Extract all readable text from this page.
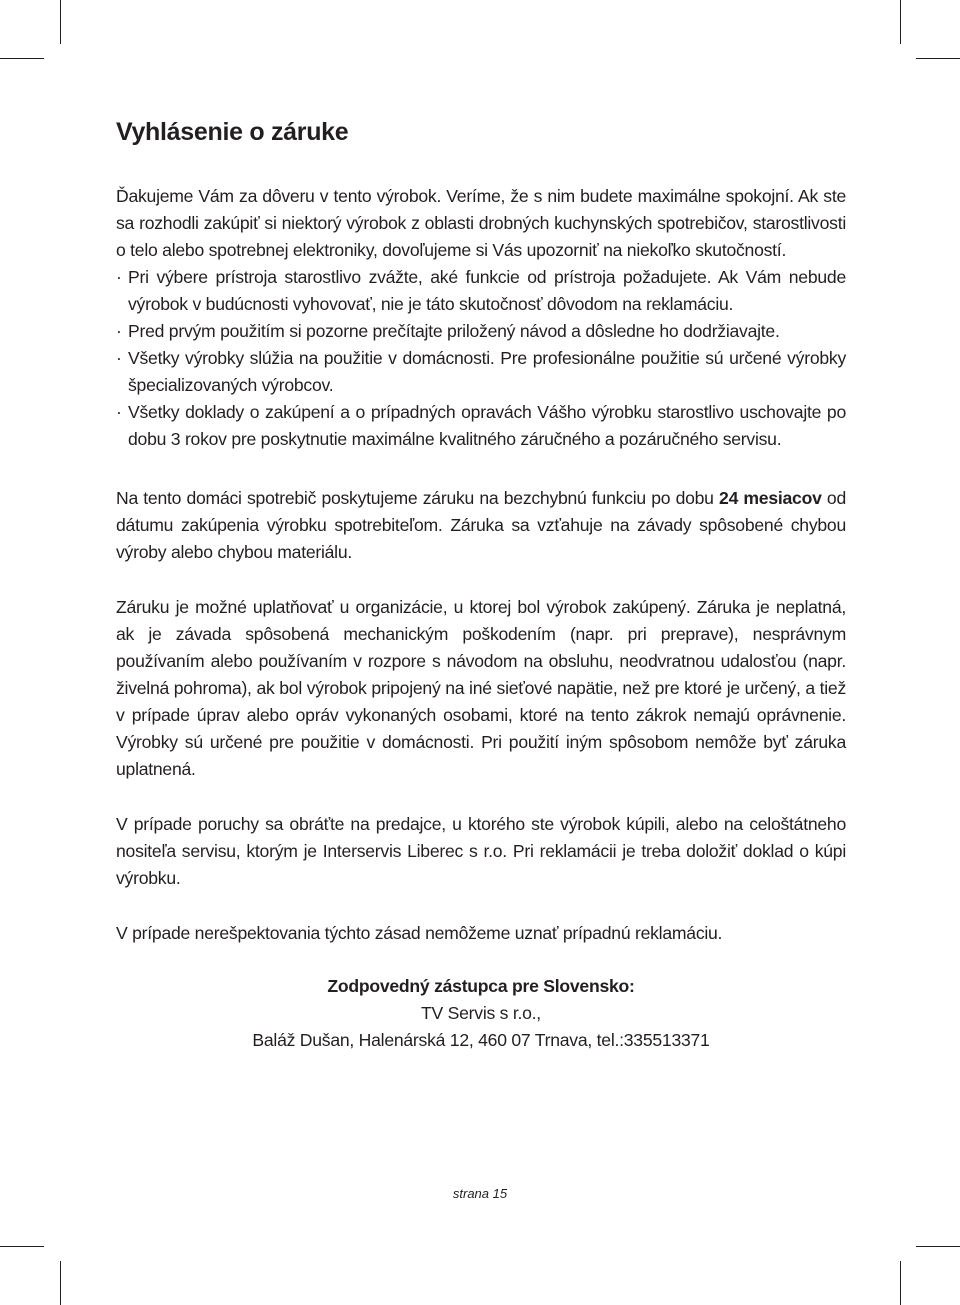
Vyhlásenie o záruke

Ďakujeme Vám za dôveru v tento výrobok. Veríme, že s nim budete maximálne spokojní. Ak ste sa rozhodli zakúpiť si niektorý výrobok z oblasti drobných kuchynských spotrebičov, starostlivosti o telo alebo spotrebnej elektroniky, dovoľujeme si Vás upozorniť na niekoľko skutočností.

· Pri výbere prístroja starostlivo zvážte, aké funkcie od prístroja požadujete. Ak Vám nebude výrobok v budúcnosti vyhovovať, nie je táto skutočnosť dôvodom na reklamáciu.
· Pred prvým použitím si pozorne prečítajte priložený návod a dôsledne ho dodržiavajte.
· Všetky výrobky slúžia na použitie v domácnosti. Pre profesionálne použitie sú určené výrobky špecializovaných výrobcov.
· Všetky doklady o zakúpení a o prípadných opravách Vášho výrobku starostlivo uschovajte po dobu 3 rokov pre poskytnutie maximálne kvalitného záručného a pozáručného servisu.

Na tento domáci spotrebič poskytujeme záruku na bezchybnú funkciu po dobu 24 mesiacov od dátumu zakúpenia výrobku spotrebiteľom. Záruka sa vzťahuje na závady spôsobené chybou výroby alebo chybou materiálu.

Záruku je možné uplatňovať u organizácie, u ktorej bol výrobok zakúpený. Záruka je neplatná, ak je závada spôsobená mechanickým poškodením (napr. pri preprave), nesprávnym používaním alebo používaním v rozpore s návodom na obsluhu, neodvratnou udalosťou (napr. živelná pohroma), ak bol výrobok pripojený na iné sieťové napätie, než pre ktoré je určený, a tiež v prípade úprav alebo opráv vykonaných osobami, ktoré na tento zákrok nemajú oprávnenie. Výrobky sú určené pre použitie v domácnosti. Pri použití iným spôsobom nemôže byť záruka uplatnená.

V prípade poruchy sa obráťte na predajce, u ktorého ste výrobok kúpili, alebo na celoštátneho nositeľa servisu, ktorým je Interservis Liberec s r.o. Pri reklamácii je treba doložiť doklad o kúpi výrobku.

V prípade nerešpektovania týchto zásad nemôžeme uznať prípadnú reklamáciu.

Zodpovedný zástupca pre Slovensko:
TV Servis s r.o.,
Baláž Dušan, Halenárská 12, 460 07 Trnava, tel.:335513371
strana 15
